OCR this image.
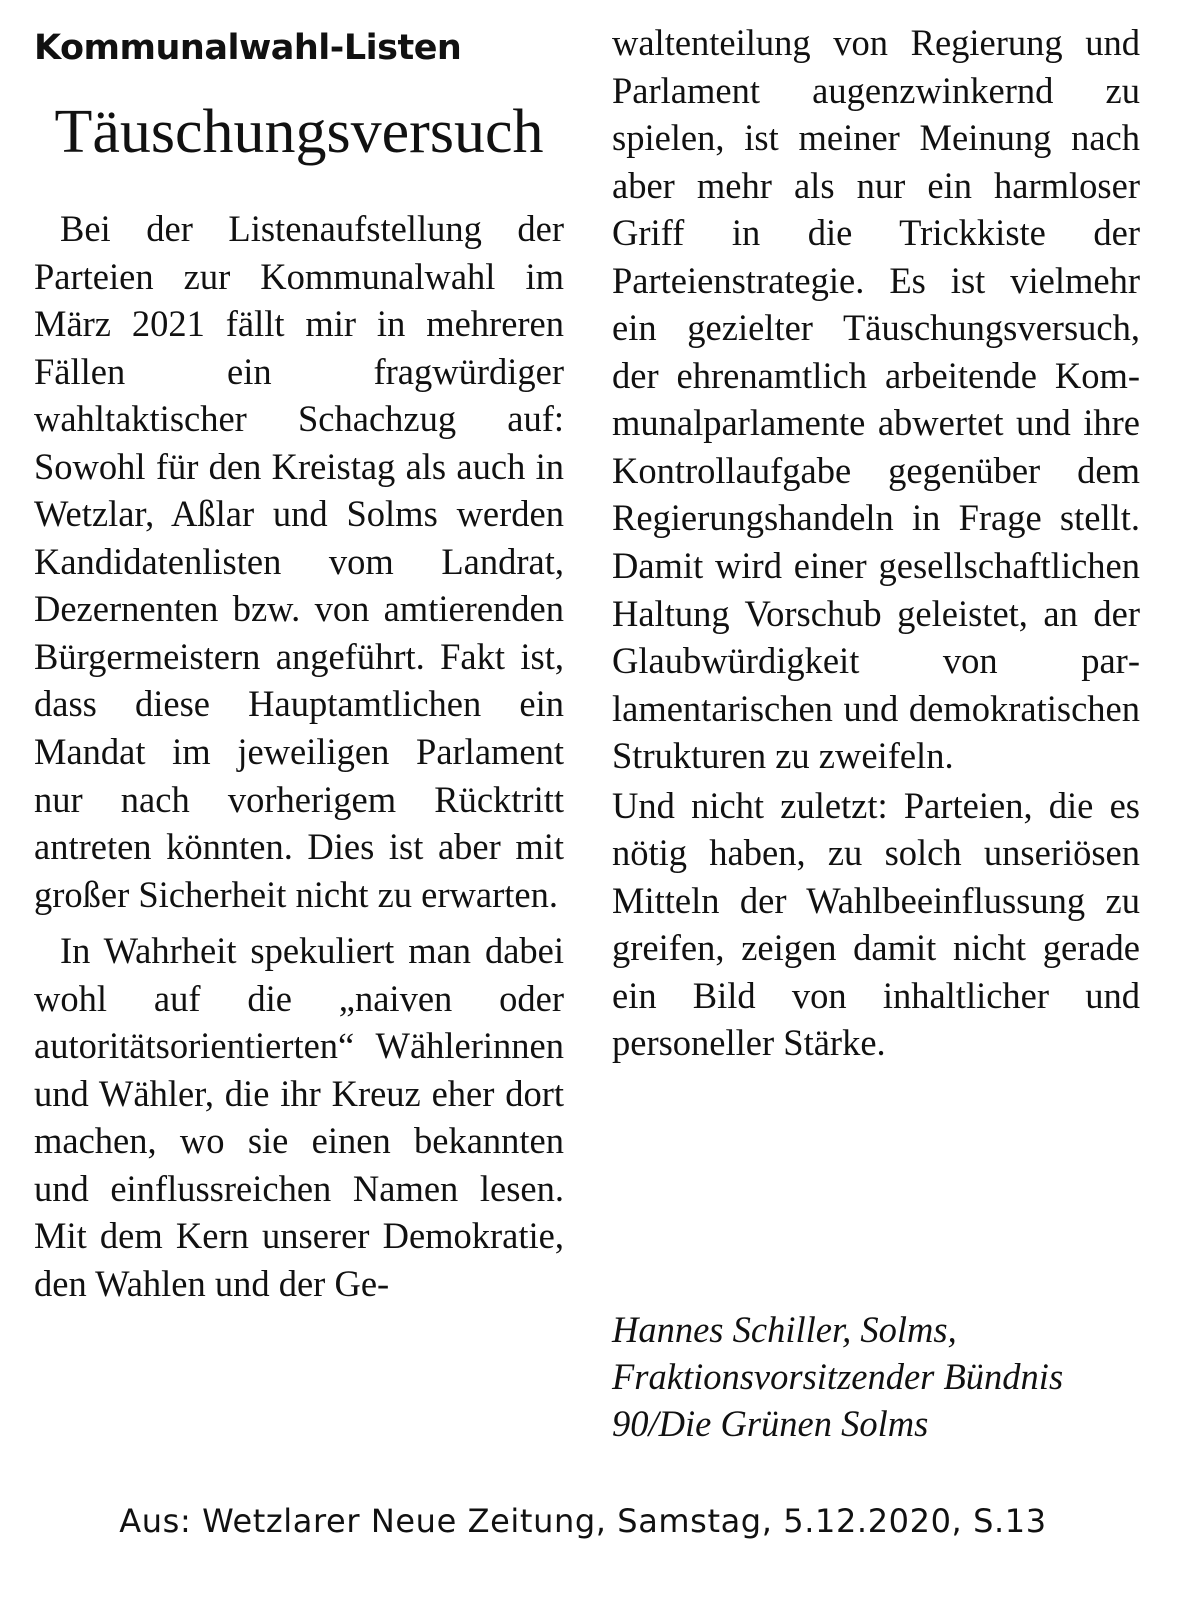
Kommunalwahl-Listen
Täuschungsversuch

Bei der Listenaufstellung der Parteien zur Kommunalwahl im März 2021 fällt mir in mehreren Fällen ein fragwürdiger wahltaktischer Schachzug auf: Sowohl für den Kreistag als auch in Wetzlar, Aßlar und Solms werden Kandidatenlisten vom Landrat, Dezernenten bzw. von amtierenden Bürgermeistern angeführt. Fakt ist, dass diese Hauptamtlichen ein Mandat im jeweiligen Parlament nur nach vorherigem Rücktritt antreten könnten. Dies ist aber mit großer Sicherheit nicht zu erwarten.

In Wahrheit spekuliert man dabei wohl auf die „naiven oder autoritätsorientierten“ Wählerinnen und Wähler, die ihr Kreuz eher dort machen, wo sie einen bekannten und einflussreichen Namen lesen. Mit dem Kern unserer Demokratie, den Wahlen und der Ge-

waltenteilung von Regierung und Parlament augenzwinkernd zu spielen, ist meiner Meinung nach aber mehr als nur ein harmloser Griff in die Trickkiste der Parteienstrategie. Es ist vielmehr ein gezielter Täuschungsversuch, der ehrenamtlich arbeitende Kommunalparlamente abwertet und ihre Kontrollaufgabe gegenüber dem Regierungshandeln in Frage stellt. Damit wird einer gesellschaftlichen Haltung Vorschub geleistet, an der Glaubwürdigkeit von parlamentarischen und demokratischen Strukturen zu zweifeln.

Und nicht zuletzt: Parteien, die es nötig haben, zu solch unseriösen Mitteln der Wahlbeeinflussung zu greifen, zeigen damit nicht gerade ein Bild von inhaltlicher und personeller Stärke.

Hannes Schiller, Solms,
Fraktionsvorsitzender Bündnis
90/Die Grünen Solms
Aus: Wetzlarer Neue Zeitung, Samstag, 5.12.2020, S.13
